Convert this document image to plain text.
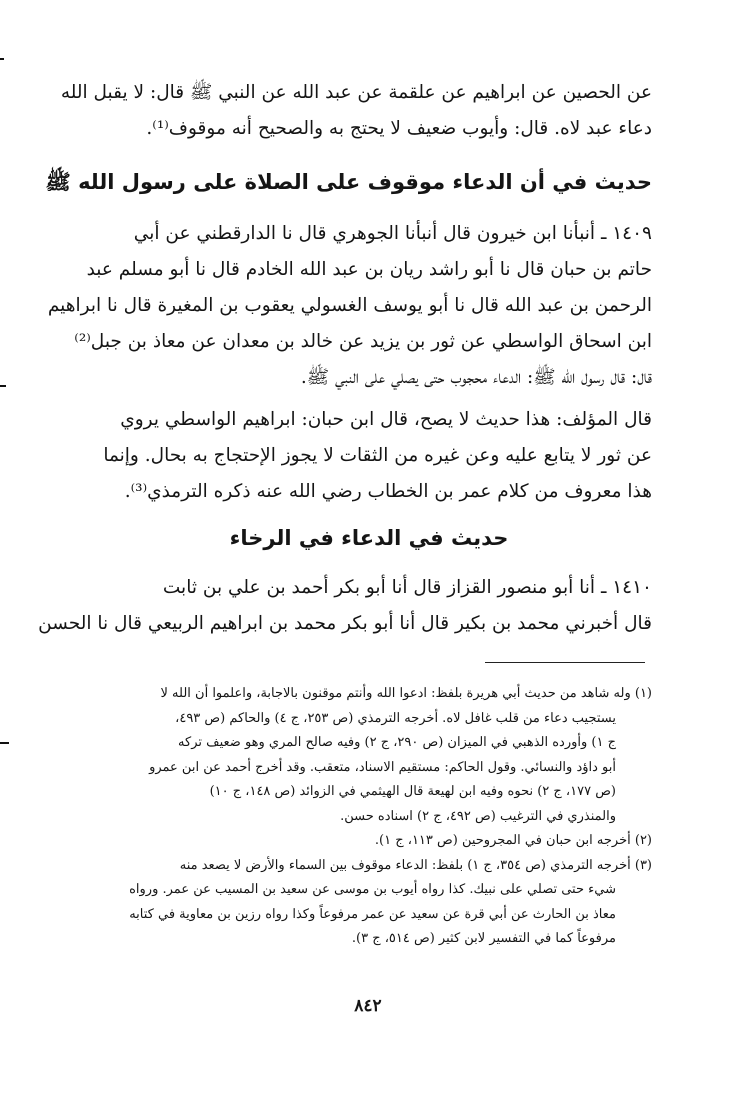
عن الحصين عن ابراهيم عن علقمة عن عبد الله عن النبي ﷺ قال: لا يقبل الله
دعاء عبد لاه. قال: وأيوب ضعيف لا يحتج به والصحيح أنه موقوف⁽¹⁾.
حديث في أن الدعاء موقوف على الصلاة على رسول الله ﷺ
١٤٠٩ ـ أنبأنا ابن خيرون قال أنبأنا الجوهري قال نا الدارقطني عن أبي
حاتم بن حبان قال نا أبو راشد ريان بن عبد الله الخادم قال نا أبو مسلم عبد
الرحمن بن عبد الله قال نا أبو يوسف الغسولي يعقوب بن المغيرة قال نا ابراهيم
ابن اسحاق الواسطي عن ثور بن يزيد عن خالد بن معدان عن معاذ بن جبل⁽²⁾
قال: قال رسول الله ﷺ: الدعاء محجوب حتى يصلي على النبي ﷺ.
قال المؤلف: هذا حديث لا يصح، قال ابن حبان: ابراهيم الواسطي يروي
عن ثور لا يتابع عليه وعن غيره من الثقات لا يجوز الإحتجاج به بحال. وإنما
هذا معروف من كلام عمر بن الخطاب رضي الله عنه ذكره الترمذي⁽³⁾.
حديث في الدعاء في الرخاء
١٤١٠ ـ أنا أبو منصور القزاز قال أنا أبو بكر أحمد بن علي بن ثابت
قال أخبرني محمد بن بكير قال أنا أبو بكر محمد بن ابراهيم الربيعي قال نا الحسن
(١) وله شاهد من حديث أبي هريرة بلفظ: ادعوا الله وأنتم موقنون بالاجابة، واعلموا أن الله لا
يستجيب دعاء من قلب غافل لاه. أخرجه الترمذي (ص ٢٥٣، ج ٤) والحاكم (ص ٤٩٣،
ج ١) وأورده الذهبي في الميزان (ص ٢٩٠، ج ٢) وفيه صالح المري وهو ضعيف تركه
أبو داؤد والنسائي. وقول الحاكم: مستقيم الاسناد، متعقب. وقد أخرج أحمد عن ابن عمرو
(ص ١٧٧، ج ٢) نحوه وفيه ابن لهيعة قال الهيثمي في الزوائد (ص ١٤٨، ج ١٠)
والمنذري في الترغيب (ص ٤٩٢، ج ٢) اسناده حسن.
(٢) أخرجه ابن حبان في المجروحين (ص ١١٣، ج ١).
(٣) أخرجه الترمذي (ص ٣٥٤، ج ١) بلفظ: الدعاء موقوف بين السماء والأرض لا يصعد منه
شيء حتى تصلي على نبيك. كذا رواه أيوب بن موسى عن سعيد بن المسيب عن عمر. ورواه
معاذ بن الحارث عن أبي قرة عن سعيد عن عمر مرفوعاً وكذا رواه رزين بن معاوية في كتابه
مرفوعاً كما في التفسير لابن كثير (ص ٥١٤، ج ٣).
٨٤٢
